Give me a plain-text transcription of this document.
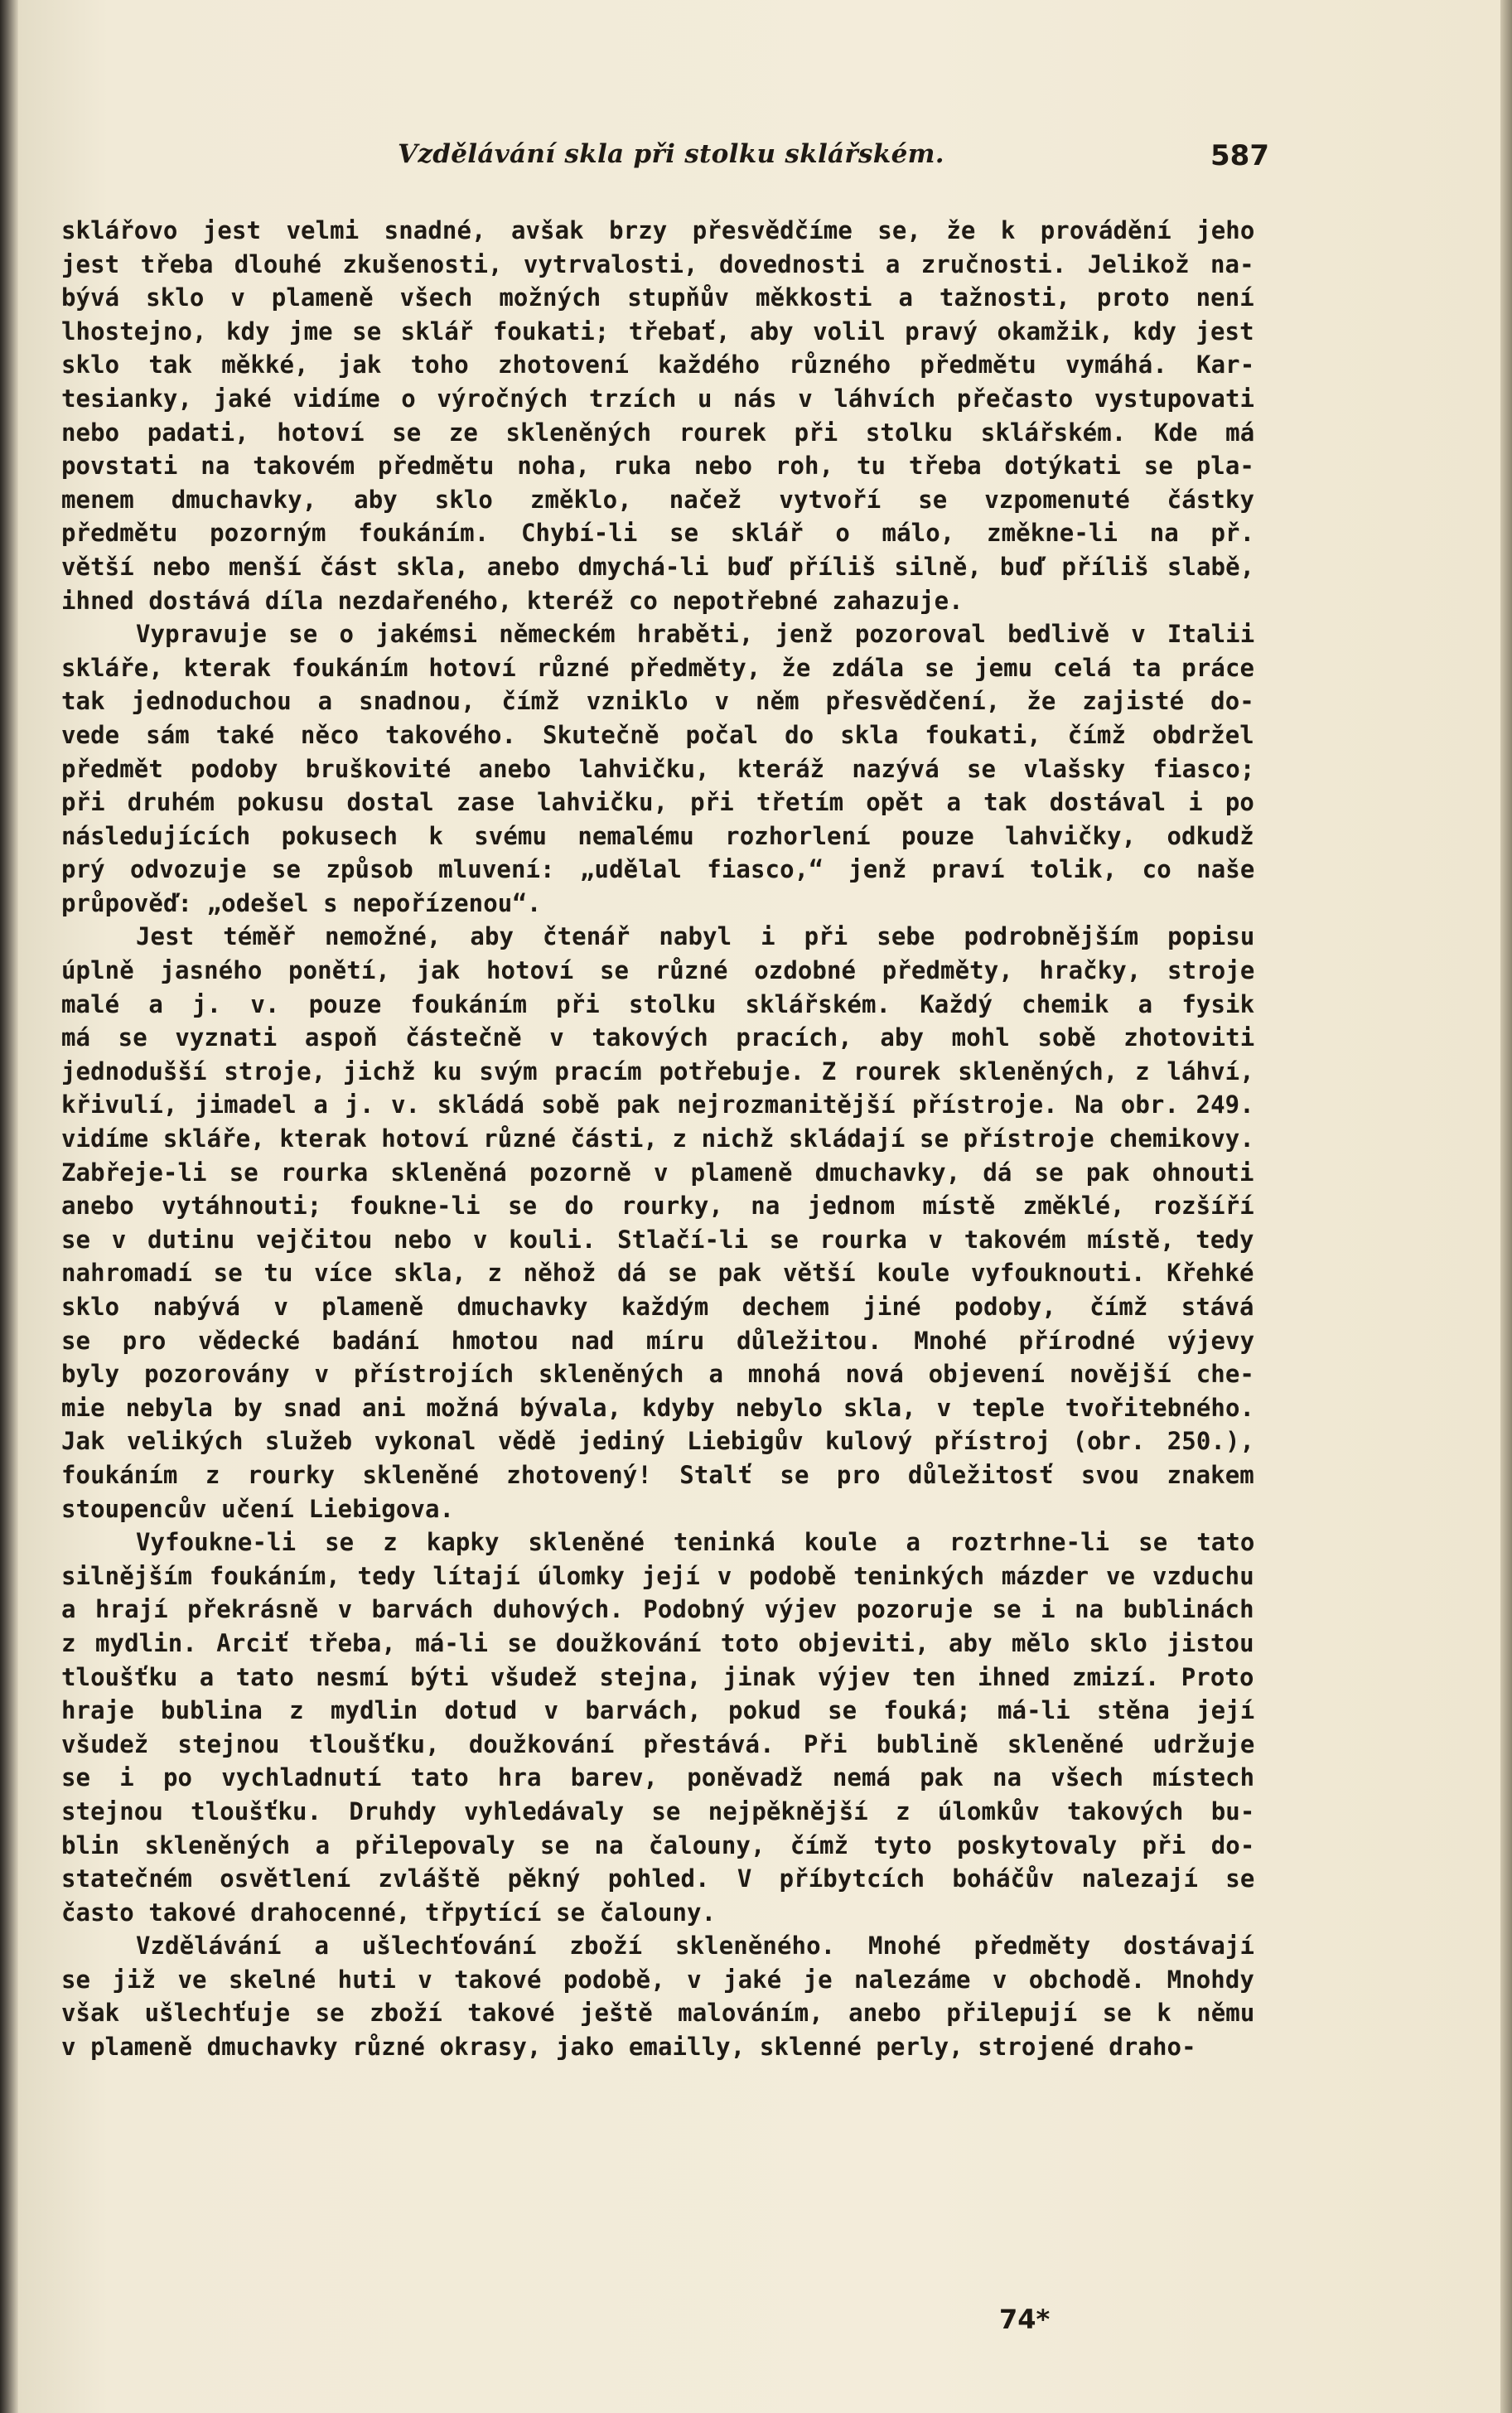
Vzdělávání skla při stolku sklářském.	587
sklářovo jest velmi snadné, avšak brzy přesvědčíme se, že k provádění jeho
jest třeba dlouhé zkušenosti, vytrvalosti, dovednosti a zručnosti. Jelikož na-
bývá sklo v plameně všech možných stupňův měkkosti a tažnosti, proto není
lhostejno, kdy jme se sklář foukati; třebať, aby volil pravý okamžik, kdy jest
sklo tak měkké, jak toho zhotovení každého různého předmětu vymáhá. Kar-
tesianky, jaké vidíme o výročných trzích u nás v láhvích přečasto vystupovati
nebo padati, hotoví se ze skleněných rourek při stolku sklářském. Kde má
povstati na takovém předmětu noha, ruka nebo roh, tu třeba dotýkati se pla-
menem dmuchavky, aby sklo změklo, načež vytvoří se vzpomenuté částky
předmětu pozorným foukáním. Chybí-li se sklář o málo, změkne-li na př.
větší nebo menší část skla, anebo dmychá-li buď příliš silně, buď příliš slabě,
ihned dostává díla nezdařeného, kteréž co nepotřebné zahazuje.
Vypravuje se o jakémsi německém hraběti, jenž pozoroval bedlivě v Italii
skláře, kterak foukáním hotoví různé předměty, že zdála se jemu celá ta práce
tak jednoduchou a snadnou, čímž vzniklo v něm přesvědčení, že zajisté do-
vede sám také něco takového. Skutečně počal do skla foukati, čímž obdržel
předmět podoby bruškovité anebo lahvičku, kteráž nazývá se vlašsky fiasco;
při druhém pokusu dostal zase lahvičku, při třetím opět a tak dostával i po
následujících pokusech k svému nemalému rozhorlení pouze lahvičky, odkudž
prý odvozuje se způsob mluvení: „udělal fiasco,“ jenž praví tolik, co naše
průpověď: „odešel s nepořízenou“.
Jest téměř nemožné, aby čtenář nabyl i při sebe podrobnějším popisu
úplně jasného ponětí, jak hotoví se různé ozdobné předměty, hračky, stroje
malé a j. v. pouze foukáním při stolku sklářském. Každý chemik a fysik
má se vyznati aspoň částečně v takových pracích, aby mohl sobě zhotoviti
jednodušší stroje, jichž ku svým pracím potřebuje. Z rourek skleněných, z láhví,
křivulí, jimadel a j. v. skládá sobě pak nejrozmanitější přístroje. Na obr. 249.
vidíme skláře, kterak hotoví různé části, z nichž skládají se přístroje chemikovy.
Zabřeje-li se rourka skleněná pozorně v plameně dmuchavky, dá se pak ohnouti
anebo vytáhnouti; foukne-li se do rourky, na jednom místě změklé, rozšíří
se v dutinu vejčitou nebo v kouli. Stlačí-li se rourka v takovém místě, tedy
nahromadí se tu více skla, z něhož dá se pak větší koule vyfouknouti. Křehké
sklo nabývá v plameně dmuchavky každým dechem jiné podoby, čímž stává
se pro vědecké badání hmotou nad míru důležitou. Mnohé přírodné výjevy
byly pozorovány v přístrojích skleněných a mnohá nová objevení novější che-
mie nebyla by snad ani možná bývala, kdyby nebylo skla, v teple tvořitebného.
Jak velikých služeb vykonal vědě jediný Liebigův kulový přístroj (obr. 250.),
foukáním z rourky skleněné zhotovený! Stalť se pro důležitosť svou znakem
stoupencův učení Liebigova.
Vyfoukne-li se z kapky skleněné teninká koule a roztrhne-li se tato
silnějším foukáním, tedy lítají úlomky její v podobě teninkých mázder ve vzduchu
a hrají překrásně v barvách duhových. Podobný výjev pozoruje se i na bublinách
z mydlin. Arciť třeba, má-li se doužkování toto objeviti, aby mělo sklo jistou
tloušťku a tato nesmí býti všudež stejna, jinak výjev ten ihned zmizí. Proto
hraje bublina z mydlin dotud v barvách, pokud se fouká; má-li stěna její
všudež stejnou tloušťku, doužkování přestává. Při bublině skleněné udržuje
se i po vychladnutí tato hra barev, poněvadž nemá pak na všech místech
stejnou tloušťku. Druhdy vyhledávaly se nejpěknější z úlomkův takových bu-
blin skleněných a přilepovaly se na čalouny, čímž tyto poskytovaly při do-
statečném osvětlení zvláště pěkný pohled. V příbytcích boháčův nalezají se
často takové drahocenné, třpytící se čalouny.
Vzdělávání a ušlechťování zboží skleněného. Mnohé předměty dostávají
se již ve skelné huti v takové podobě, v jaké je nalezáme v obchodě. Mnohdy
však ušlechťuje se zboží takové ještě malováním, anebo přilepují se k němu
v plameně dmuchavky různé okrasy, jako emailly, sklenné perly, strojené draho-
74*
